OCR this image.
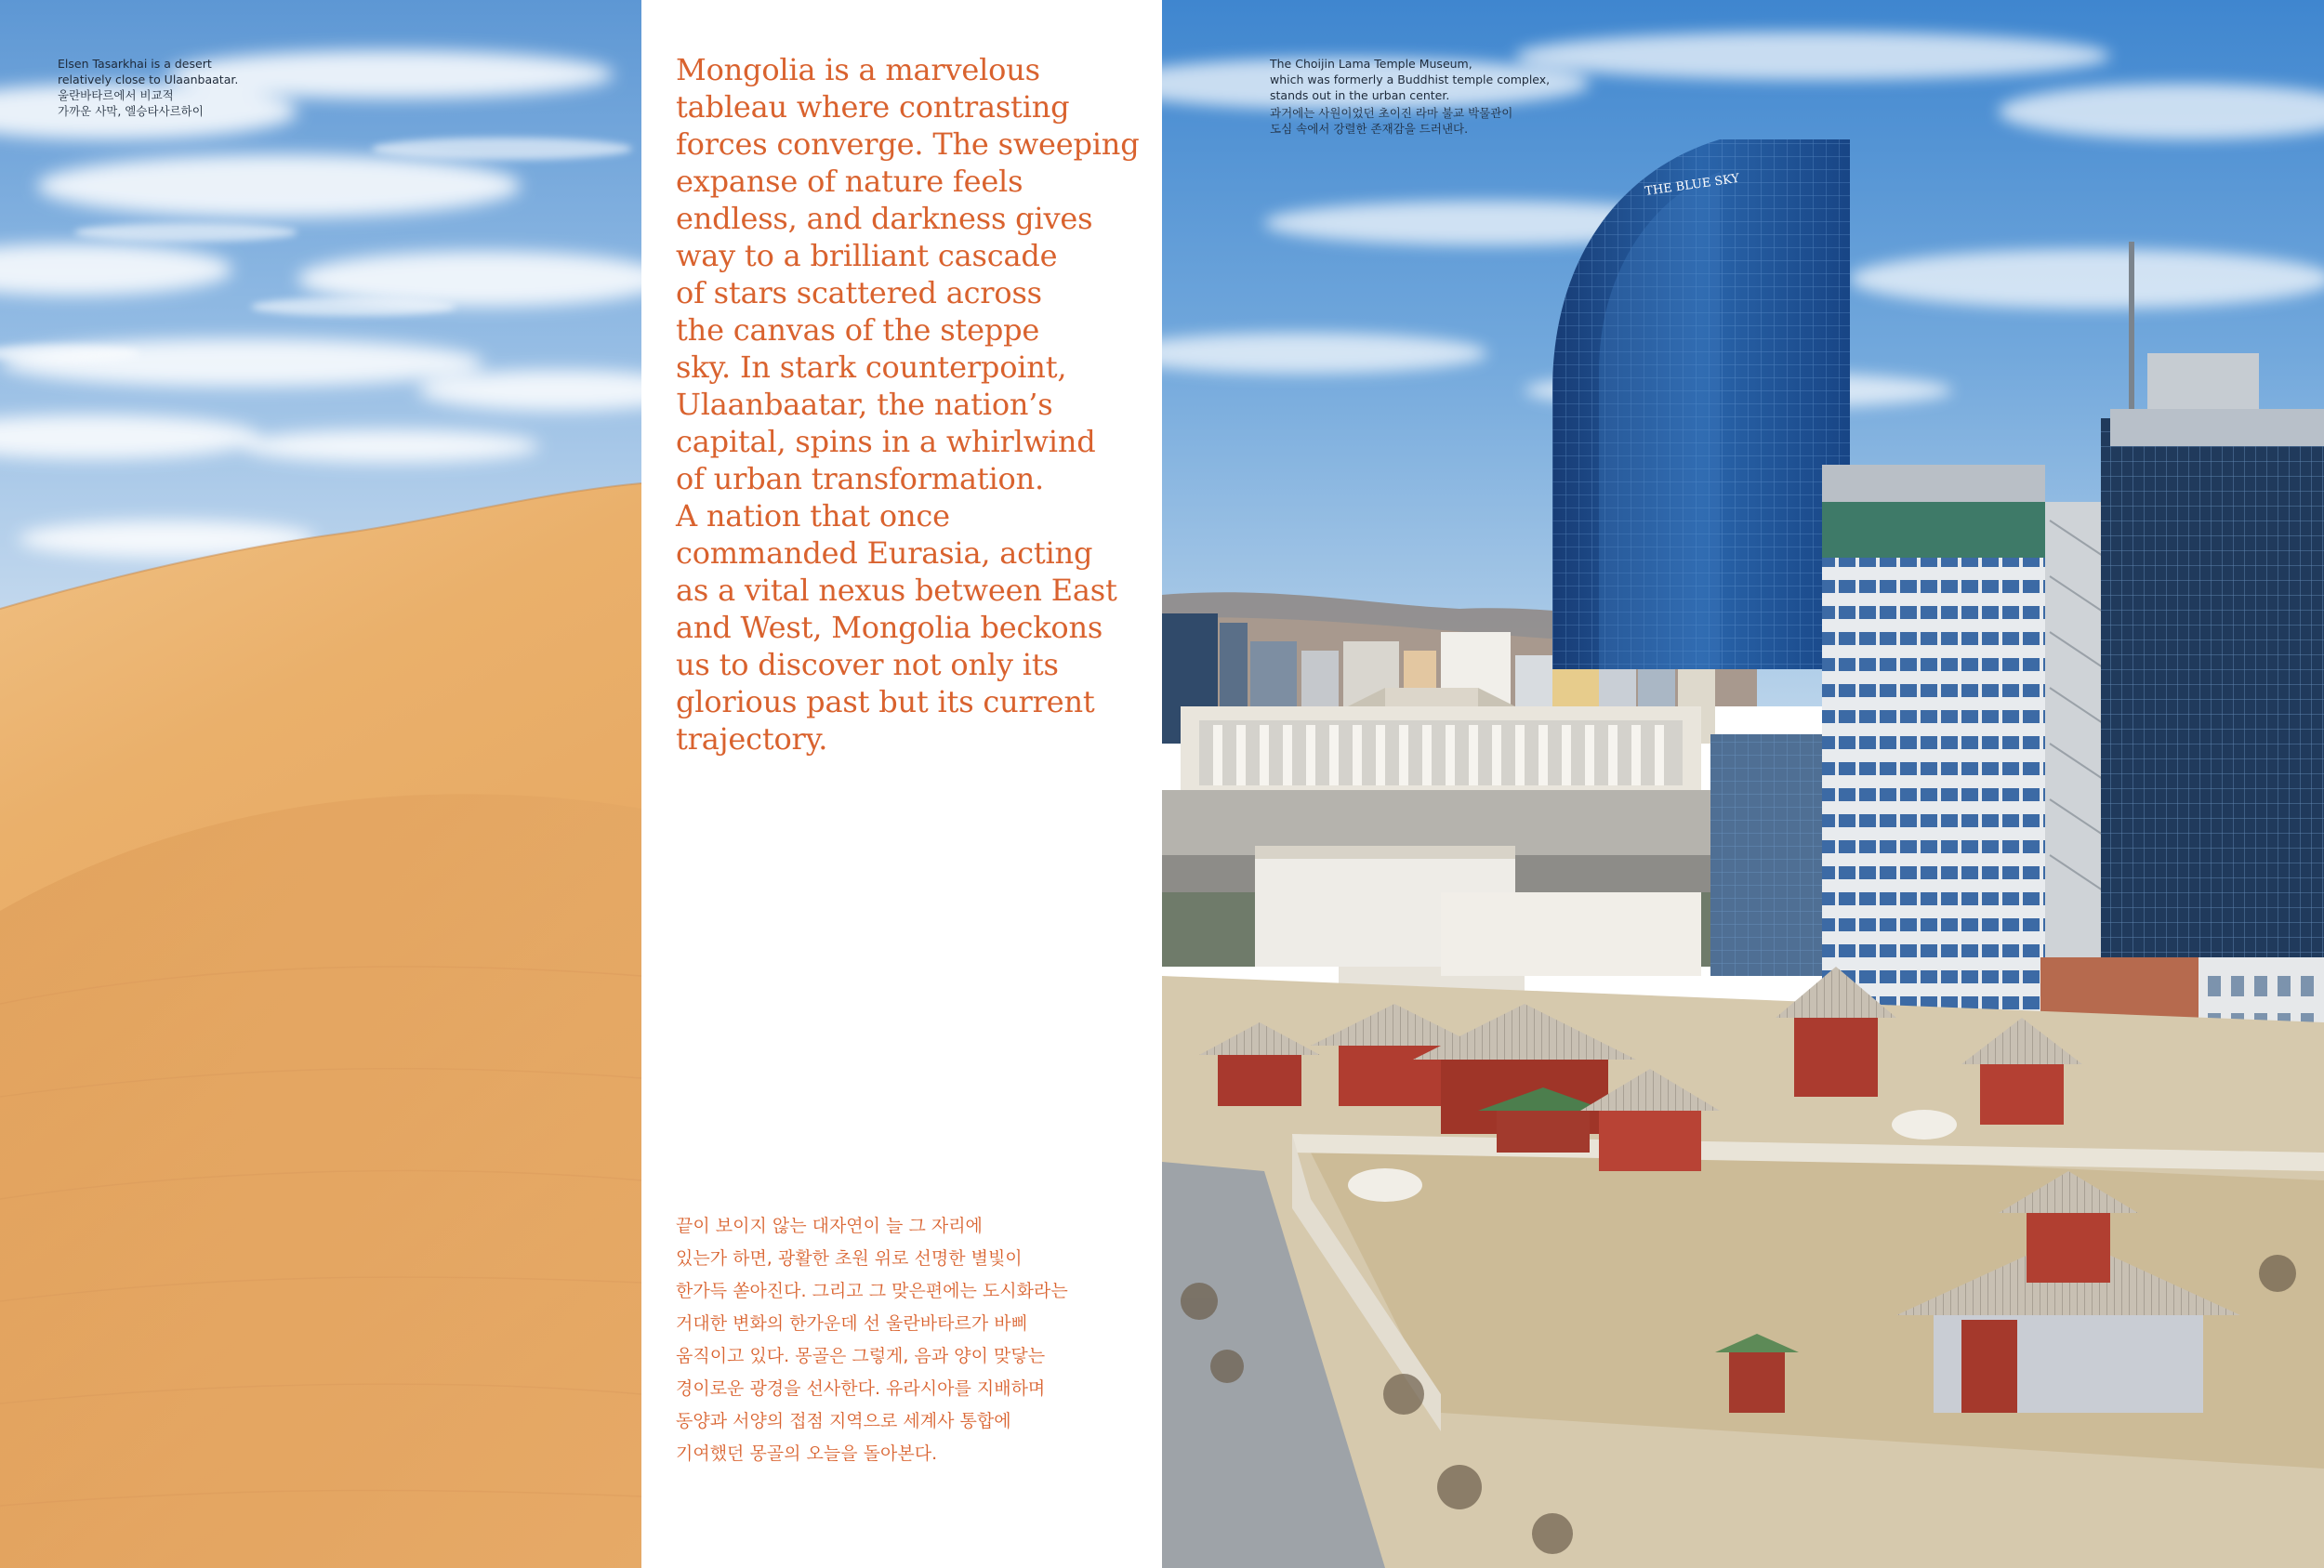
Mongolia is a marvelous
tableau where contrasting
forces converge. The sweeping
expanse of nature feels
endless, and darkness gives
way to a brilliant cascade
of stars scattered across
the canvas of the steppe
sky. In stark counterpoint,
Ulaanbaatar, the nation’s
capital, spins in a whirlwind
of urban transformation.
A nation that once
commanded Eurasia, acting
as a vital nexus between East
and West, Mongolia beckons
us to discover not only its
glorious past but its current
trajectory.

끝이 보이지 않는 대자연이 늘 그 자리에
있는가 하면, 광활한 초원 위로 선명한 별빛이
한가득 쏟아진다. 그리고 그 맞은편에는 도시화라는
거대한 변화의 한가운데 선 울란바타르가 바삐
움직이고 있다. 몽골은 그렇게, 음과 양이 맞닿는
경이로운 광경을 선사한다. 유라시아를 지배하며
동양과 서양의 접점 지역으로 세계사 통합에
기여했던 몽골의 오늘을 돌아본다.

THE BLUE SKY

Elsen Tasarkhai is a desert
relatively close to Ulaanbaatar.

울란바타르에서 비교적
가까운 사막, 엘승타사르하이

The Choijin Lama Temple Museum,
which was formerly a Buddhist temple complex,
stands out in the urban center.

과거에는 사원이었던 초이진 라마 불교 박물관이
도심 속에서 강렬한 존재감을 드러낸다.
